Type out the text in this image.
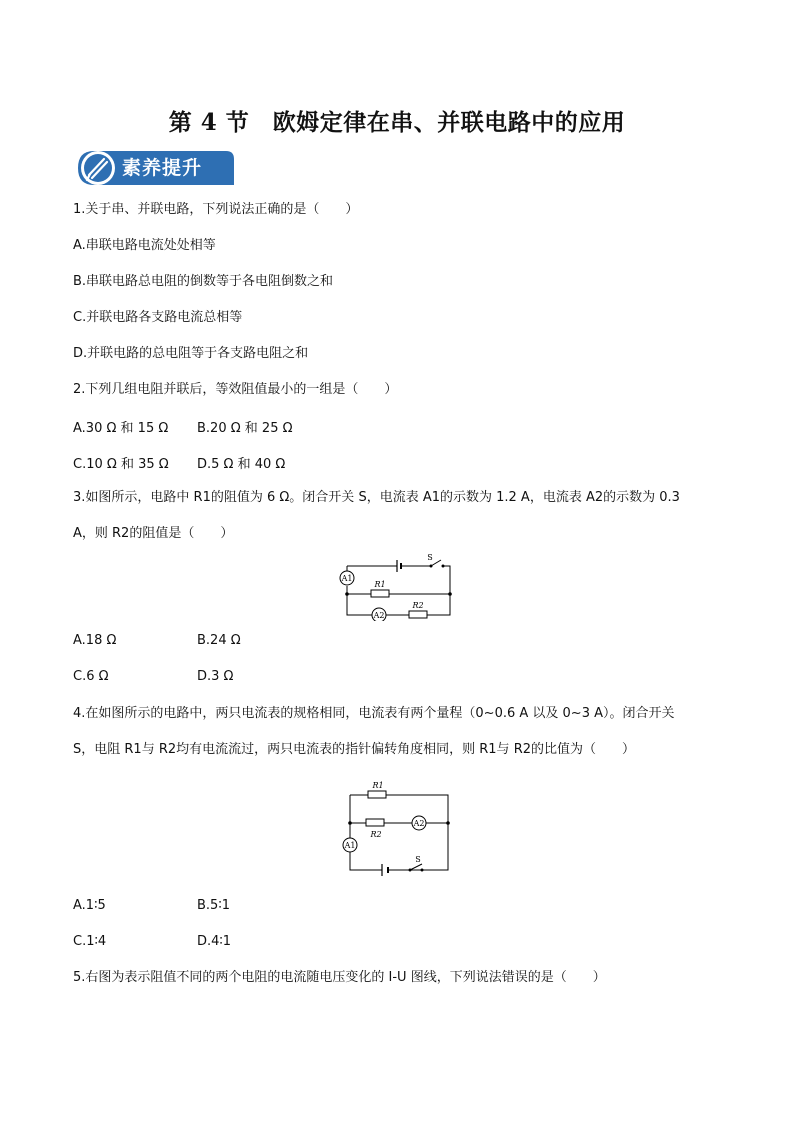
第 4 节　欧姆定律在串、并联电路中的应用
素养提升
1.关于串、并联电路，下列说法正确的是（　　）
A.串联电路电流处处相等
B.串联电路总电阻的倒数等于各电阻倒数之和
C.并联电路各支路电流总相等
D.并联电路的总电阻等于各支路电阻之和
2.下列几组电阻并联后，等效阻值最小的一组是（　　）
A.30 Ω 和 15 Ω B.20 Ω 和 25 Ω
C.10 Ω 和 35 Ω D.5 Ω 和 40 Ω
3.如图所示，电路中 R1的阻值为 6 Ω。闭合开关 S，电流表 A1的示数为 1.2 A，电流表 A2的示数为 0.3
A，则 R2的阻值是（　　）
A1
A2
R1
R2
S
A.18 Ω	B.24 Ω
C.6 Ω	D.3 Ω
4.在如图所示的电路中，两只电流表的规格相同，电流表有两个量程（0~0.6 A 以及 0~3 A）。闭合开关
S，电阻 R1与 R2均有电流流过，两只电流表的指针偏转角度相同，则 R1与 R2的比值为（　　）
A2
A1
R1
R2
S
A.1∶5	B.5∶1
C.1∶4	D.4∶1
5.右图为表示阻值不同的两个电阻的电流随电压变化的 I-U 图线，下列说法错误的是（　　）
